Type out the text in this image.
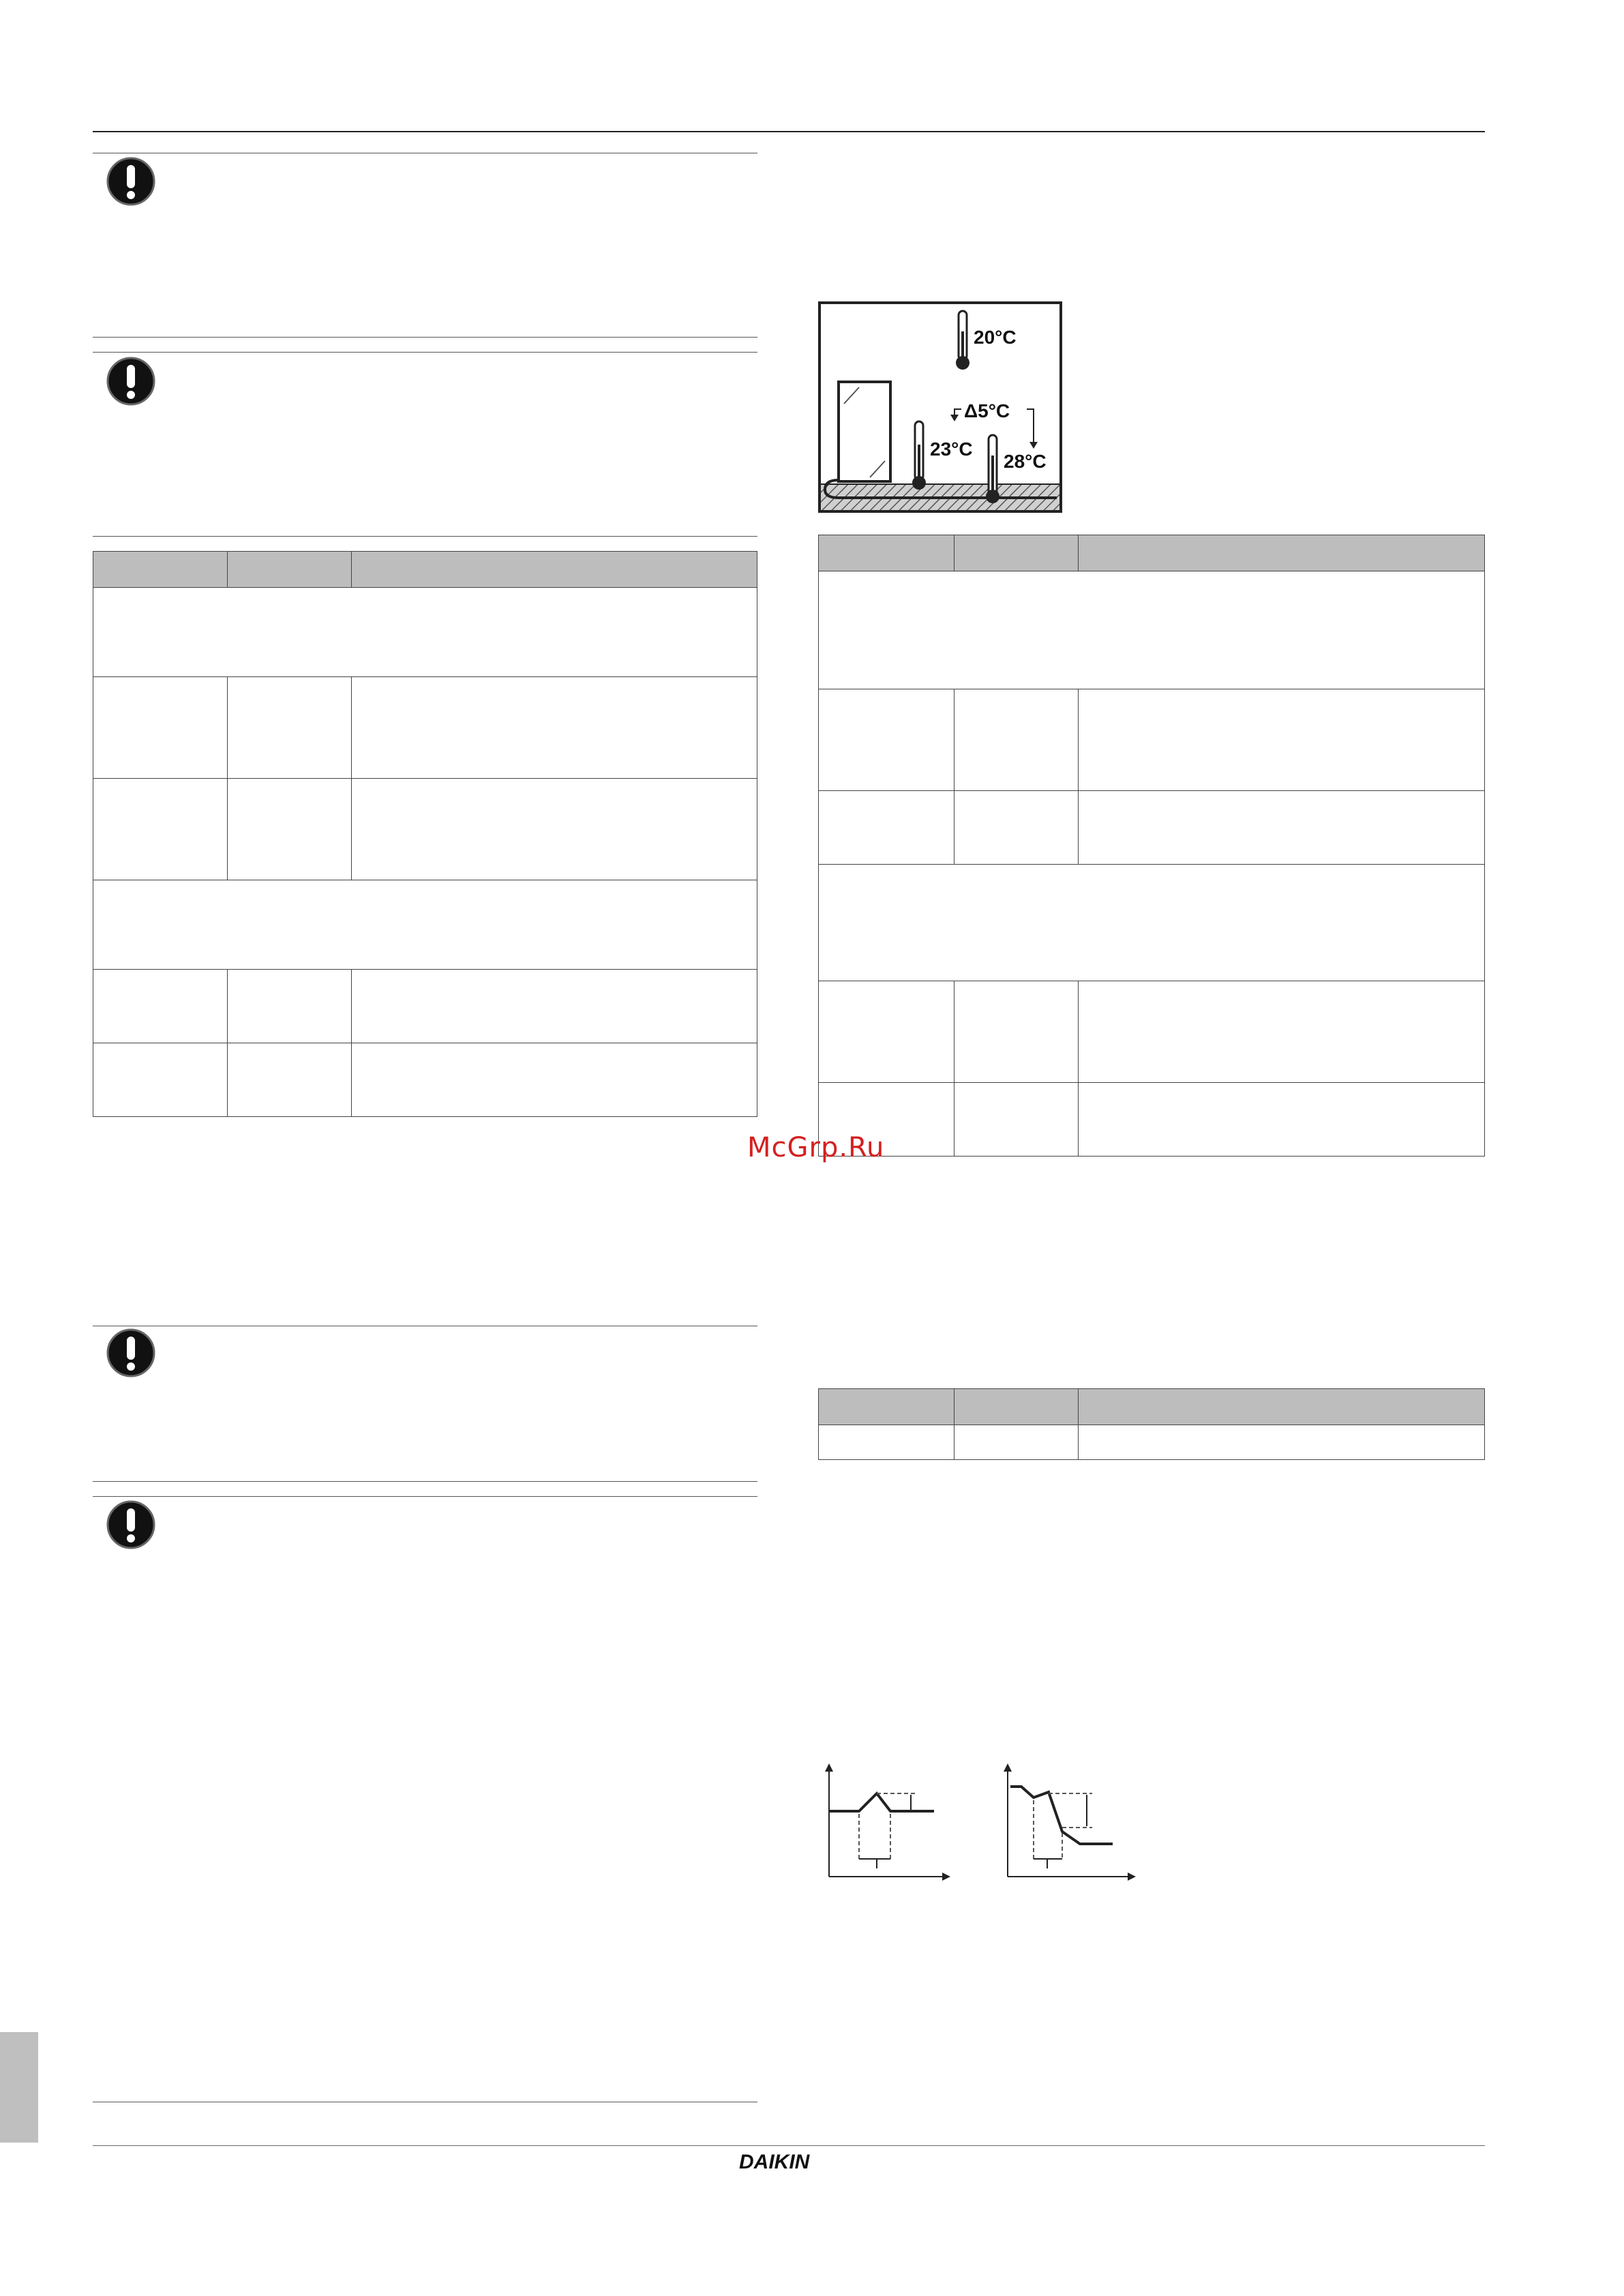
20°C
23°C
28°C
Δ5°C

McGrp.Ru

DAIKIN
